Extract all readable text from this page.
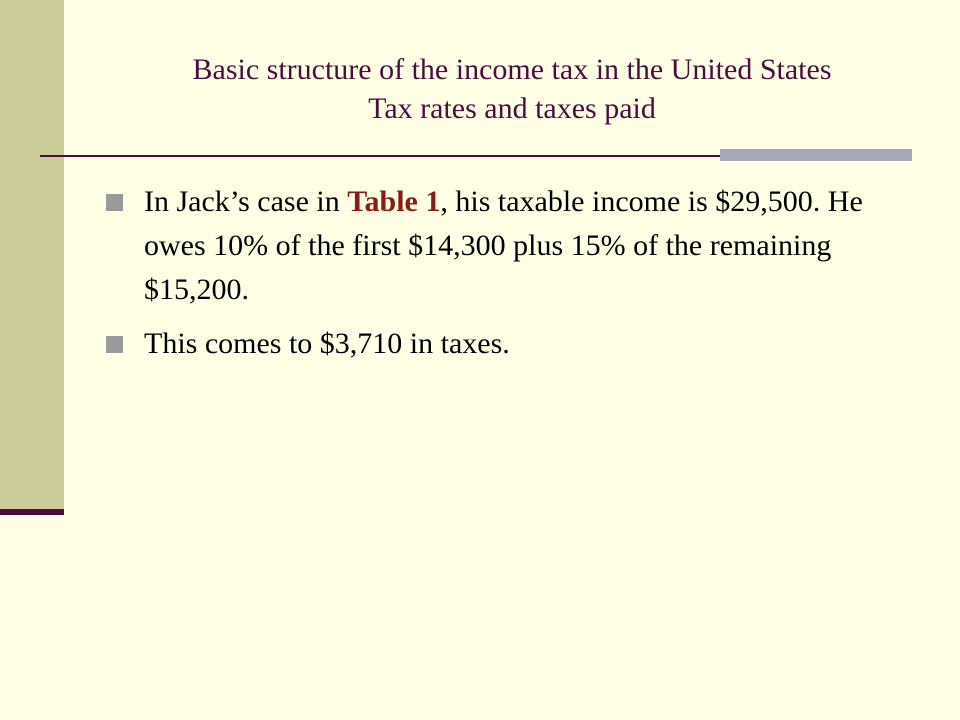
Basic structure of the income tax in the United States
Tax rates and taxes paid
In Jack’s case in Table 1, his taxable income is $29,500. He owes 10% of the first $14,300 plus 15% of the remaining $15,200.
This comes to $3,710 in taxes.
